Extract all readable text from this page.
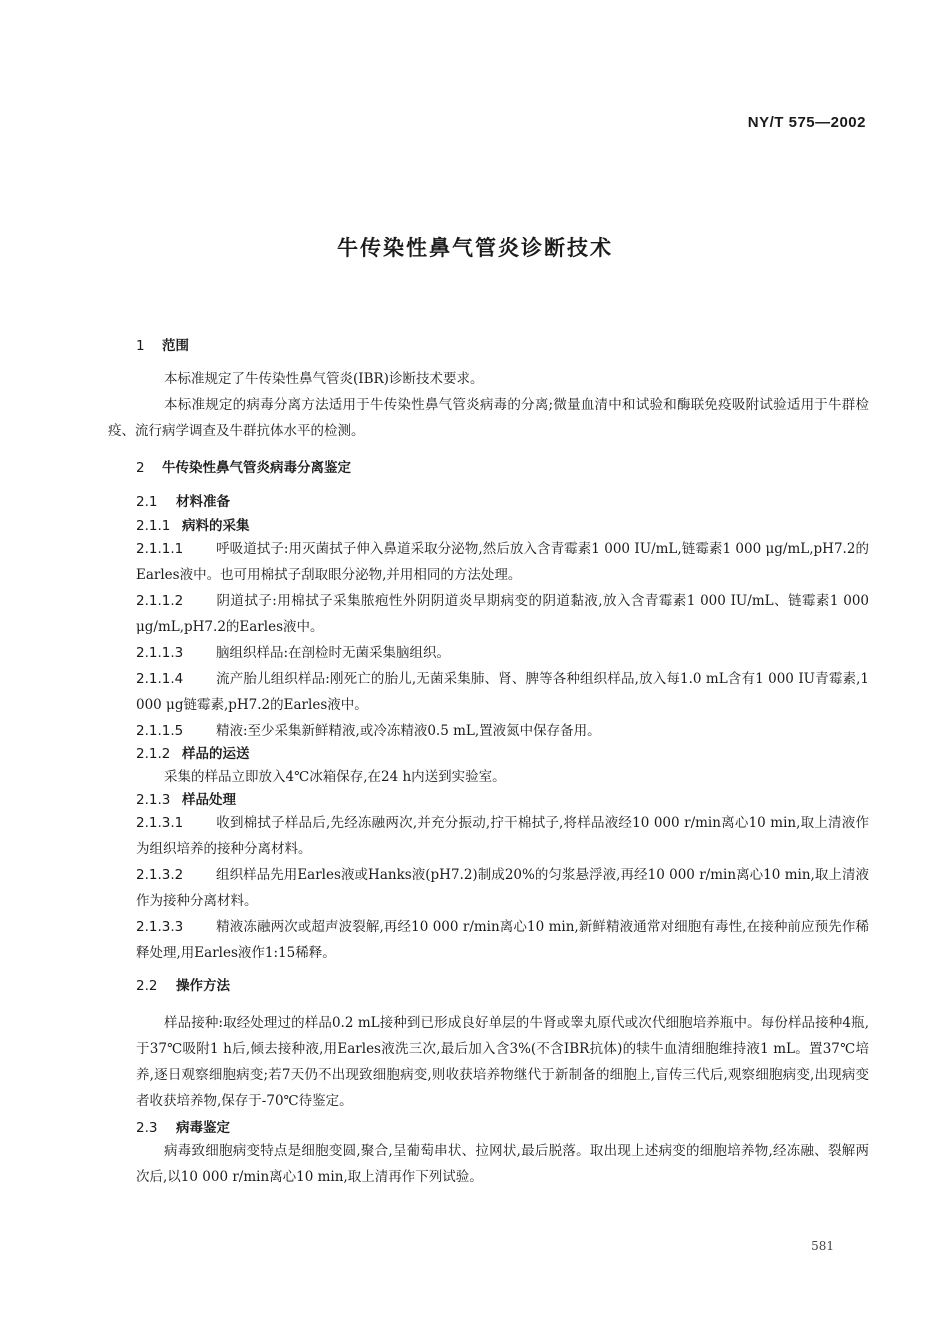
NY/T 575—2002
牛传染性鼻气管炎诊断技术
1 范围

本标准规定了牛传染性鼻气管炎(IBR)诊断技术要求。

本标准规定的病毒分离方法适用于牛传染性鼻气管炎病毒的分离;微量血清中和试验和酶联免疫吸附试验适用于牛群检疫、流行病学调查及牛群抗体水平的检测。

2 牛传染性鼻气管炎病毒分离鉴定
2.1 材料准备
2.1.1 病料的采集

2.1.1.1 呼吸道拭子:用灭菌拭子伸入鼻道采取分泌物,然后放入含青霉素1 000 IU/mL,链霉素1 000 μg/mL,pH7.2的Earles液中。也可用棉拭子刮取眼分泌物,并用相同的方法处理。

2.1.1.2 阴道拭子:用棉拭子采集脓疱性外阴阴道炎早期病变的阴道黏液,放入含青霉素1 000 IU/mL、链霉素1 000 μg/mL,pH7.2的Earles液中。

2.1.1.3 脑组织样品:在剖检时无菌采集脑组织。

2.1.1.4 流产胎儿组织样品:刚死亡的胎儿,无菌采集肺、肾、脾等各种组织样品,放入每1.0 mL含有1 000 IU青霉素,1 000 μg链霉素,pH7.2的Earles液中。

2.1.1.5 精液:至少采集新鲜精液,或冷冻精液0.5 mL,置液氮中保存备用。

2.1.2 样品的运送

采集的样品立即放入4℃冰箱保存,在24 h内送到实验室。

2.1.3 样品处理

2.1.3.1 收到棉拭子样品后,先经冻融两次,并充分振动,拧干棉拭子,将样品液经10 000 r/min离心10 min,取上清液作为组织培养的接种分离材料。

2.1.3.2 组织样品先用Earles液或Hanks液(pH7.2)制成20%的匀浆悬浮液,再经10 000 r/min离心10 min,取上清液作为接种分离材料。

2.1.3.3 精液冻融两次或超声波裂解,再经10 000 r/min离心10 min,新鲜精液通常对细胞有毒性,在接种前应预先作稀释处理,用Earles液作1:15稀释。

2.2 操作方法

样品接种:取经处理过的样品0.2 mL接种到已形成良好单层的牛肾或睾丸原代或次代细胞培养瓶中。每份样品接种4瓶,于37℃吸附1 h后,倾去接种液,用Earles液洗三次,最后加入含3%(不含IBR抗体)的犊牛血清细胞维持液1 mL。置37℃培养,逐日观察细胞病变;若7天仍不出现致细胞病变,则收获培养物继代于新制备的细胞上,盲传三代后,观察细胞病变,出现病变者收获培养物,保存于-70℃待鉴定。

2.3 病毒鉴定

病毒致细胞病变特点是细胞变圆,聚合,呈葡萄串状、拉网状,最后脱落。取出现上述病变的细胞培养物,经冻融、裂解两次后,以10 000 r/min离心10 min,取上清再作下列试验。

581
